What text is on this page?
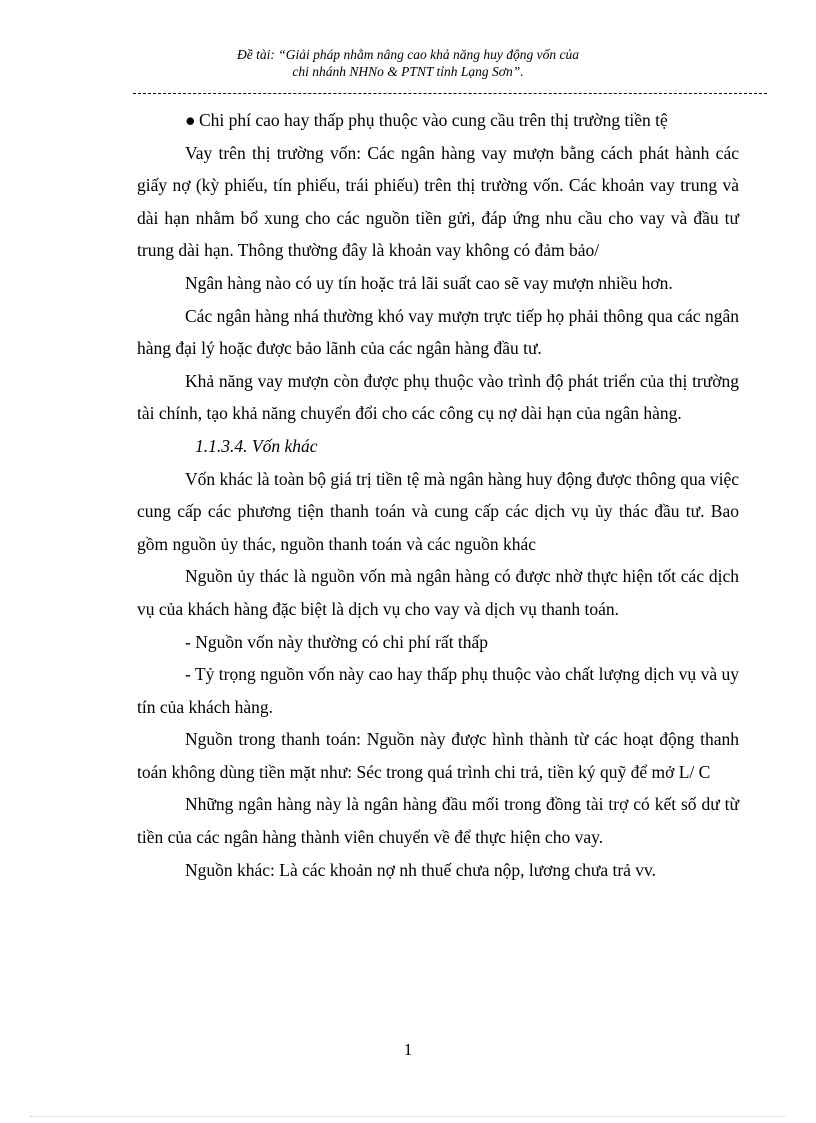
Đề tài: “Giải pháp nhằm nâng cao khả năng huy động vốn của
chi nhánh NHNo & PTNT tỉnh Lạng Sơn”.

● Chi phí cao hay thấp phụ thuộc vào cung cầu trên thị trường tiền tệ

Vay trên thị trường vốn: Các ngân hàng vay mượn bằng cách phát hành các giấy nợ (kỳ phiếu, tín phiếu, trái phiếu) trên thị trường vốn. Các khoản vay trung và dài hạn nhằm bổ xung cho các nguồn tiền gửi, đáp ứng nhu cầu cho vay và đầu tư trung dài hạn. Thông thường đây là khoản vay không có đảm bảo/

Ngân hàng nào có uy tín hoặc trả lãi suất cao sẽ vay mượn nhiều hơn.

Các ngân hàng nhá thường khó vay mượn trực tiếp họ phải thông qua các ngân hàng đại lý hoặc được bảo lãnh của các ngân hàng đầu tư.

Khả năng vay mượn còn được phụ thuộc vào trình độ phát triển của thị trường tài chính, tạo khả năng chuyển đổi cho các công cụ nợ dài hạn của ngân hàng.

1.1.3.4. Vốn khác

Vốn khác là toàn bộ giá trị tiền tệ mà ngân hàng huy động được thông qua việc cung cấp các phương tiện thanh toán và cung cấp các dịch vụ ủy thác đầu tư. Bao gồm nguồn ủy thác, nguồn thanh toán và các nguồn khác

Nguồn ủy thác là nguồn vốn mà ngân hàng có được nhờ thực hiện tốt các dịch vụ của khách hàng đặc biệt là dịch vụ cho vay và dịch vụ thanh toán.

- Nguồn vốn này thường có chi phí rất thấp

- Tỷ trọng nguồn vốn này cao hay thấp phụ thuộc vào chất lượng dịch vụ và uy tín của khách hàng.

Nguồn trong thanh toán: Nguồn này được hình thành từ các hoạt động thanh toán không dùng tiền mặt như: Séc trong quá trình chi trả, tiền ký quỹ để mở L/ C

Những ngân hàng này là ngân hàng đầu mối trong đồng tài trợ có kết số dư từ tiền của các ngân hàng thành viên chuyển về để thực hiện cho vay.

Nguồn khác: Là các khoản nợ nh thuế chưa nộp, lương chưa trả vv.

1
